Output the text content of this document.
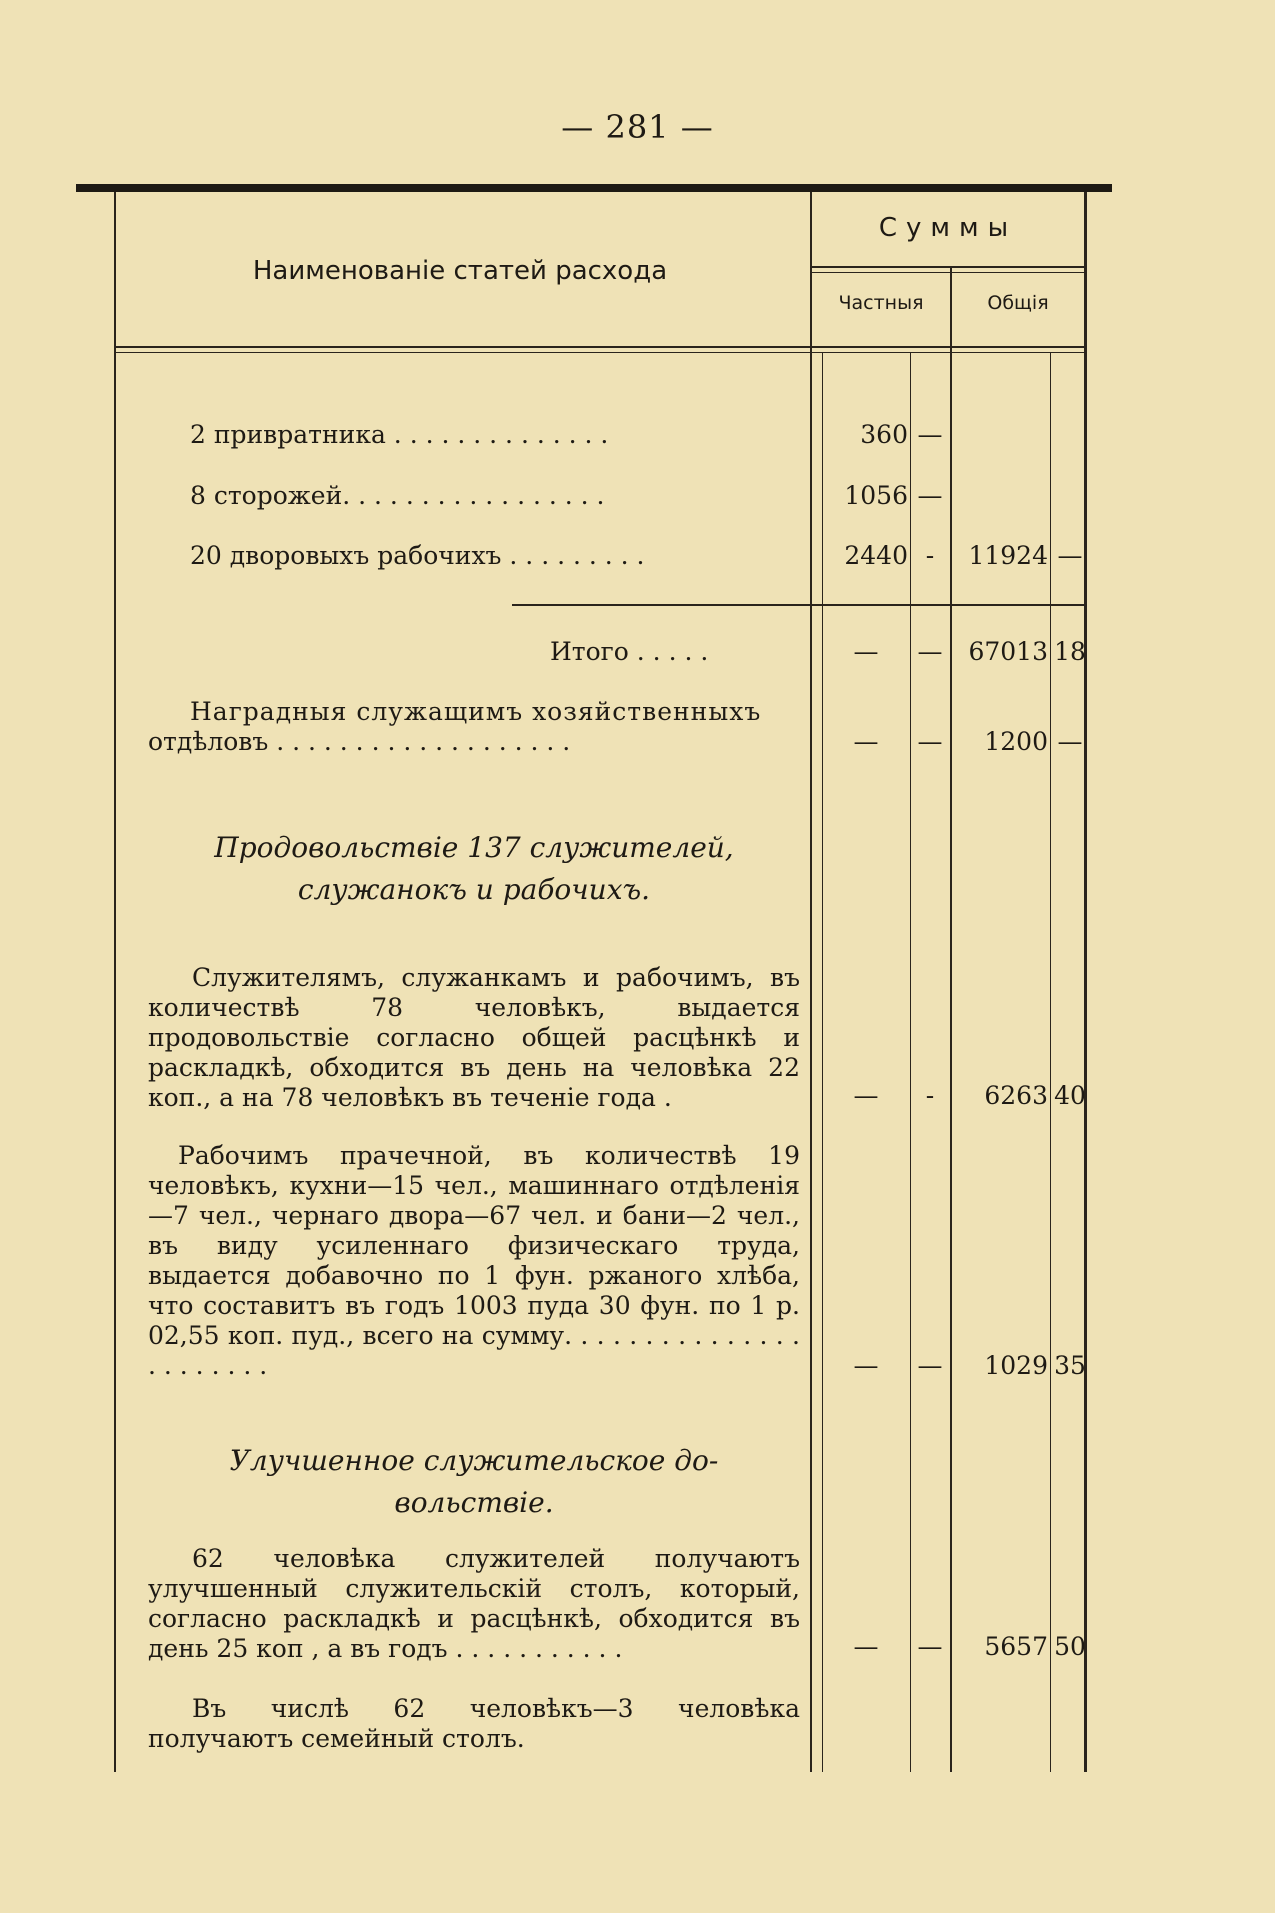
— 281 —
Наименованіе статей расхода
Суммы
Частныя	Общія
2 привратника . . . . . . . . . . . . . .	360 —
8 сторожей. . . . . . . . . . . . . . . . .	1056 —
20 дворовыхъ рабочихъ . . . . . . . . .	2440 -	11924 —
Итого . . . . .	—	—	67013 18
Наградныя служащимъ хозяйственныхъ
отдѣловъ . . . . . . . . . . . . . . . . . . .	—	—	1200 —
Продовольствіе 137 служителей,
служанокъ и рабочихъ.
Служителямъ, служанкамъ и рабочимъ, въ количествѣ 78 человѣкъ, выдается продовольствіе согласно общей расцѣнкѣ и раскладкѣ, обходится въ день на человѣка 22 коп., а на 78 человѣкъ въ теченіе года .	—	-	6263 40
Рабочимъ прачечной, въ количествѣ 19 человѣкъ, кухни—15 чел., машиннаго отдѣленія—7 чел., чернаго двора—67 чел. и бани—2 чел., въ виду усиленнаго физическаго труда, выдается добавочно по 1 фун. ржаного хлѣба, что составитъ въ годъ 1003 пуда 30 фун. по 1 р. 02,55 коп. пуд., всего на сумму. . . . . . . . . . . . . . . . . . . . . . .	—	—	1029 35
Улучшенное служительское до-
вольствіе.
62 человѣка служителей получаютъ улучшенный служительскій столъ, который, согласно раскладкѣ и расцѣнкѣ, обходится въ день 25 коп , а въ годъ . . . . . . . . . . .	—	—	5657 50
Въ числѣ 62 человѣкъ—3 человѣка получаютъ семейный столъ.
